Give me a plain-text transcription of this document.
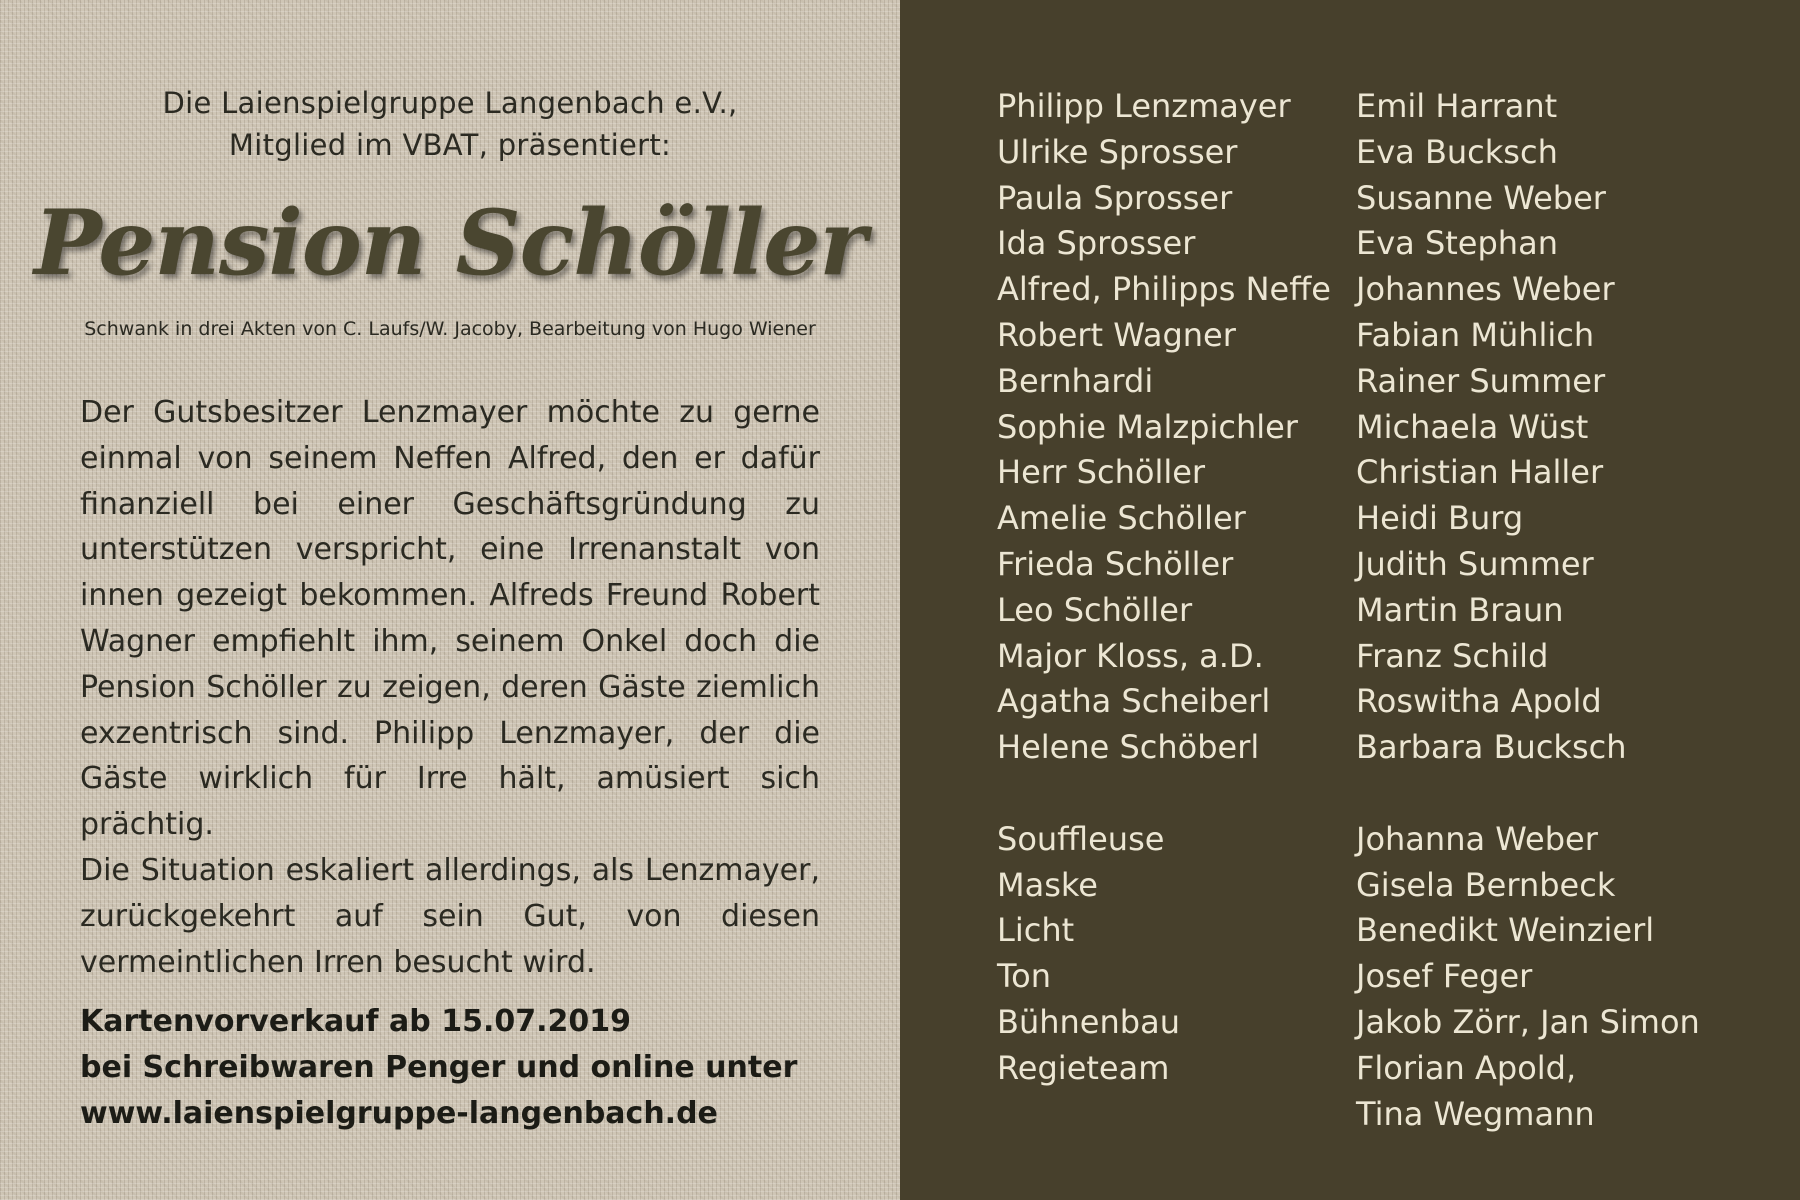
Die Laienspielgruppe Langenbach e.V.,
Mitglied im VBAT, präsentiert:
Pension Schöller
Schwank in drei Akten von C. Laufs/W. Jacoby, Bearbeitung von Hugo Wiener

Der Gutsbesitzer Lenzmayer möchte zu gerne einmal von seinem Neffen Alfred, den er dafür finanziell bei einer Geschäftsgründung zu unterstützen verspricht, eine Irrenanstalt von innen gezeigt bekommen. Alfreds Freund Robert Wagner empfiehlt ihm, seinem Onkel doch die Pension Schöller zu zeigen, deren Gäste ziemlich exzentrisch sind. Philipp Lenzmayer, der die Gäste wirklich für Irre hält, amüsiert sich prächtig.

Die Situation eskaliert allerdings, als Lenzmayer, zurückgekehrt auf sein Gut, von diesen vermeintlichen Irren besucht wird.

Kartenvorverkauf ab 15.07.2019
bei Schreibwaren Penger und online unter
www.laienspielgruppe-langenbach.de
Philipp Lenzmayer
Ulrike Sprosser
Paula Sprosser
Ida Sprosser
Alfred, Philipps Neffe
Robert Wagner
Bernhardi
Sophie Malzpichler
Herr Schöller
Amelie Schöller
Frieda Schöller
Leo Schöller
Major Kloss, a.D.
Agatha Scheiberl
Helene Schöberl
Souffleuse
Maske
Licht
Ton
Bühnenbau
Regieteam
Emil Harrant
Eva Bucksch
Susanne Weber
Eva Stephan
Johannes Weber
Fabian Mühlich
Rainer Summer
Michaela Wüst
Christian Haller
Heidi Burg
Judith Summer
Martin Braun
Franz Schild
Roswitha Apold
Barbara Bucksch
Johanna Weber
Gisela Bernbeck
Benedikt Weinzierl
Josef Feger
Jakob Zörr, Jan Simon
Florian Apold,
Tina Wegmann
